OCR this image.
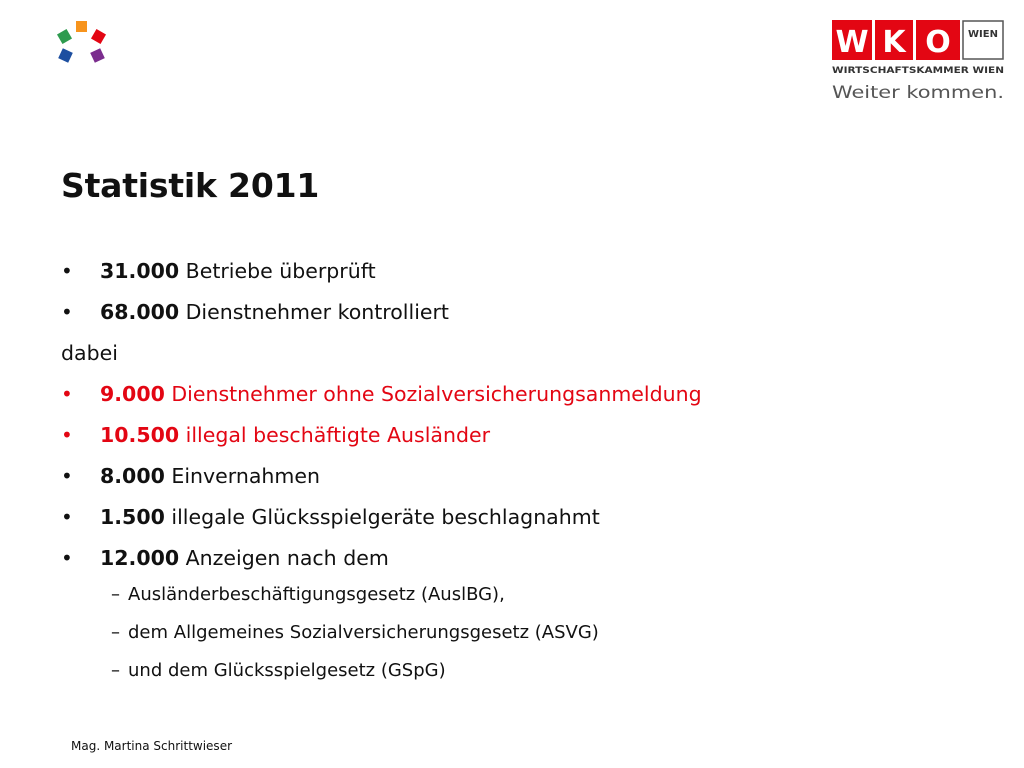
W K O WIEN
WIRTSCHAFTSKAMMER WIEN
Weiter kommen.
Statistik 2011
• 31.000 Betriebe überprüft
• 68.000 Dienstnehmer kontrolliert
dabei
• 9.000 Dienstnehmer ohne Sozialversicherungsanmeldung
• 10.500 illegal beschäftigte Ausländer
• 8.000 Einvernahmen
• 1.500 illegale Glücksspielgeräte beschlagnahmt
• 12.000 Anzeigen nach dem
– Ausländerbeschäftigungsgesetz (AuslBG),
– dem Allgemeines Sozialversicherungsgesetz (ASVG)
– und dem Glücksspielgesetz (GSpG)
Mag. Martina Schrittwieser
